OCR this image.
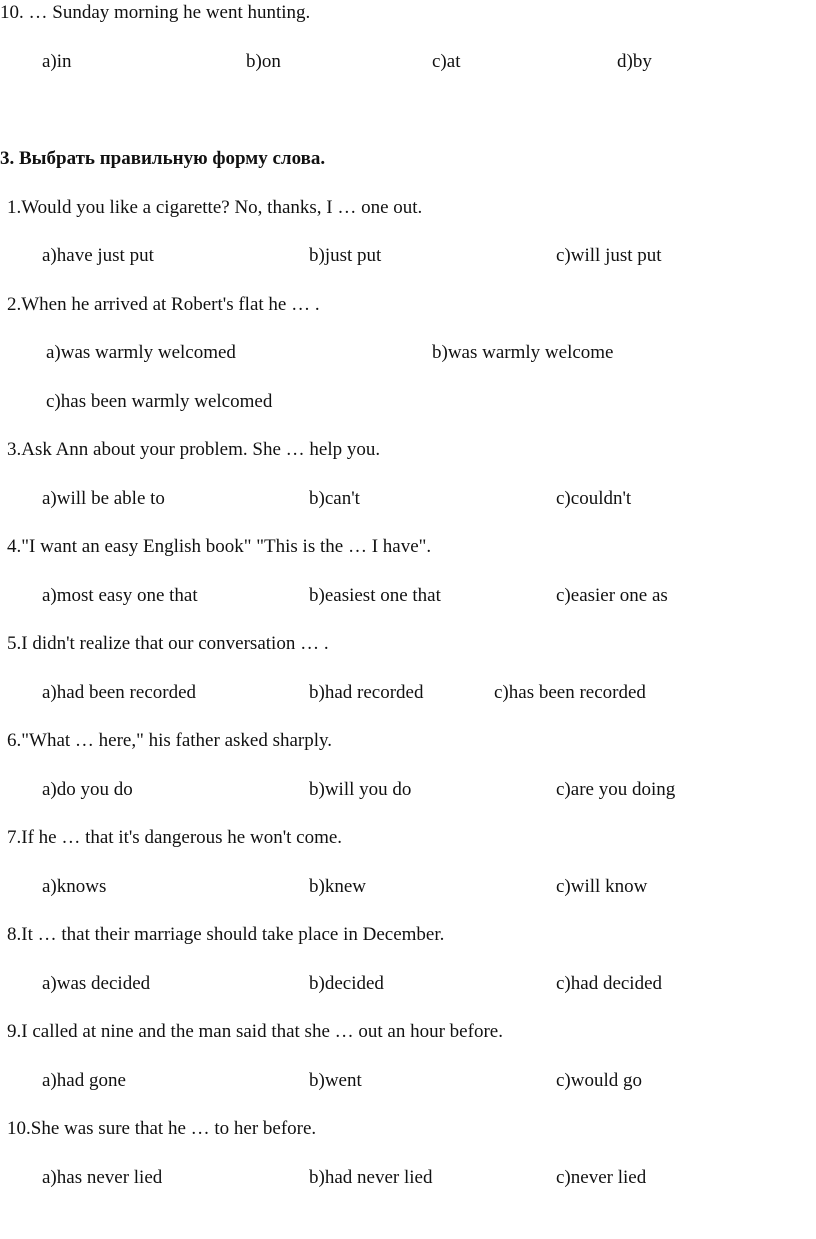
10. … Sunday morning he went hunting.
a)in	b)on	c)at	d)by
3. Выбрать правильную форму слова.
1.Would you like a cigarette? No, thanks, I … one out.
a)have just put	b)just put	c)will just put
2.When he arrived at Robert's flat he … .
a)was warmly welcomed	b)was warmly welcome
c)has been warmly welcomed
3.Ask Ann about your problem. She … help you.
a)will be able to	b)can't	c)couldn't
4."I want an easy English book" "This is the … I have".
a)most easy one that	b)easiest one that	c)easier one as
5.I didn't realize that our conversation … .
a)had been recorded	b)had recorded	c)has been recorded
6."What … here," his father asked sharply.
a)do you do	b)will you do	c)are you doing
7.If he … that it's dangerous he won't come.
a)knows	b)knew	c)will know
8.It … that their marriage should take place in December.
a)was decided	b)decided	c)had decided
9.I called at nine and the man said that she … out an hour before.
a)had gone	b)went	c)would go
10.She was sure that he … to her before.
a)has never lied	b)had never lied	c)never lied
